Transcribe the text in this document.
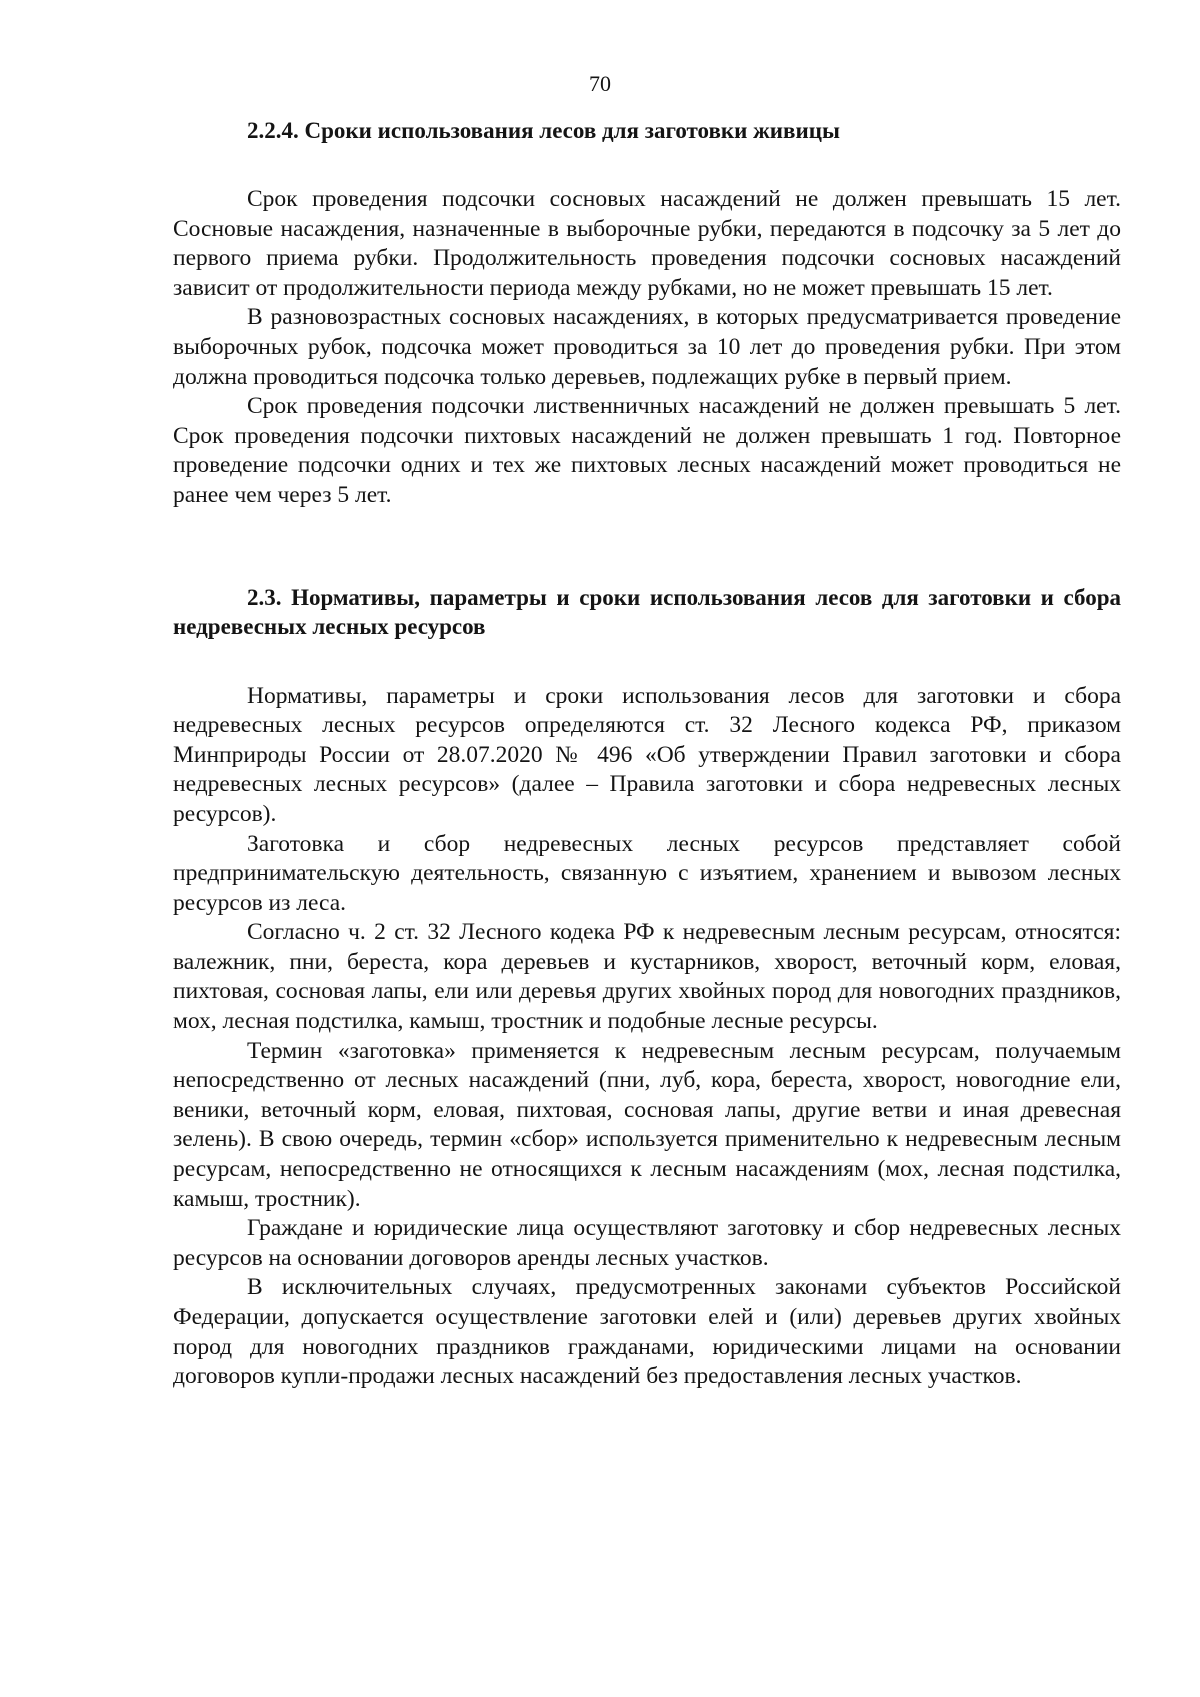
70
2.2.4. Сроки использования лесов для заготовки живицы

Срок проведения подсочки сосновых насаждений не должен превышать 15 лет. Сосновые насаждения, назначенные в выборочные рубки, передаются в подсочку за 5 лет до первого приема рубки. Продолжительность проведения подсочки сосновых насаждений зависит от продолжительности периода между рубками, но не может превышать 15 лет.

В разновозрастных сосновых насаждениях, в которых предусматривается проведение выборочных рубок, подсочка может проводиться за 10 лет до проведения рубки. При этом должна проводиться подсочка только деревьев, подлежащих рубке в первый прием.

Срок проведения подсочки лиственничных насаждений не должен превышать 5 лет. Срок проведения подсочки пихтовых насаждений не должен превышать 1 год. Повторное проведение подсочки одних и тех же пихтовых лесных насаждений может проводиться не ранее чем через 5 лет.

2.3. Нормативы, параметры и сроки использования лесов для заготовки и сбора недревесных лесных ресурсов

Нормативы, параметры и сроки использования лесов для заготовки и сбора недревесных лесных ресурсов определяются ст. 32 Лесного кодекса РФ, приказом Минприроды России от 28.07.2020 № 496 «Об утверждении Правил заготовки и сбора недревесных лесных ресурсов» (далее – Правила заготовки и сбора недревесных лесных ресурсов).

Заготовка и сбор недревесных лесных ресурсов представляет собой предпринимательскую деятельность, связанную с изъятием, хранением и вывозом лесных ресурсов из леса.

Согласно ч. 2 ст. 32 Лесного кодека РФ к недревесным лесным ресурсам, относятся: валежник, пни, береста, кора деревьев и кустарников, хворост, веточный корм, еловая, пихтовая, сосновая лапы, ели или деревья других хвойных пород для новогодних праздников, мох, лесная подстилка, камыш, тростник и подобные лесные ресурсы.

Термин «заготовка» применяется к недревесным лесным ресурсам, получаемым непосредственно от лесных насаждений (пни, луб, кора, береста, хворост, новогодние ели, веники, веточный корм, еловая, пихтовая, сосновая лапы, другие ветви и иная древесная зелень). В свою очередь, термин «сбор» используется применительно к недревесным лесным ресурсам, непосредственно не относящихся к лесным насаждениям (мох, лесная подстилка, камыш, тростник).

Граждане и юридические лица осуществляют заготовку и сбор недревесных лесных ресурсов на основании договоров аренды лесных участков.

В исключительных случаях, предусмотренных законами субъектов Российской Федерации, допускается осуществление заготовки елей и (или) деревьев других хвойных пород для новогодних праздников гражданами, юридическими лицами на основании договоров купли-продажи лесных насаждений без предоставления лесных участков.
